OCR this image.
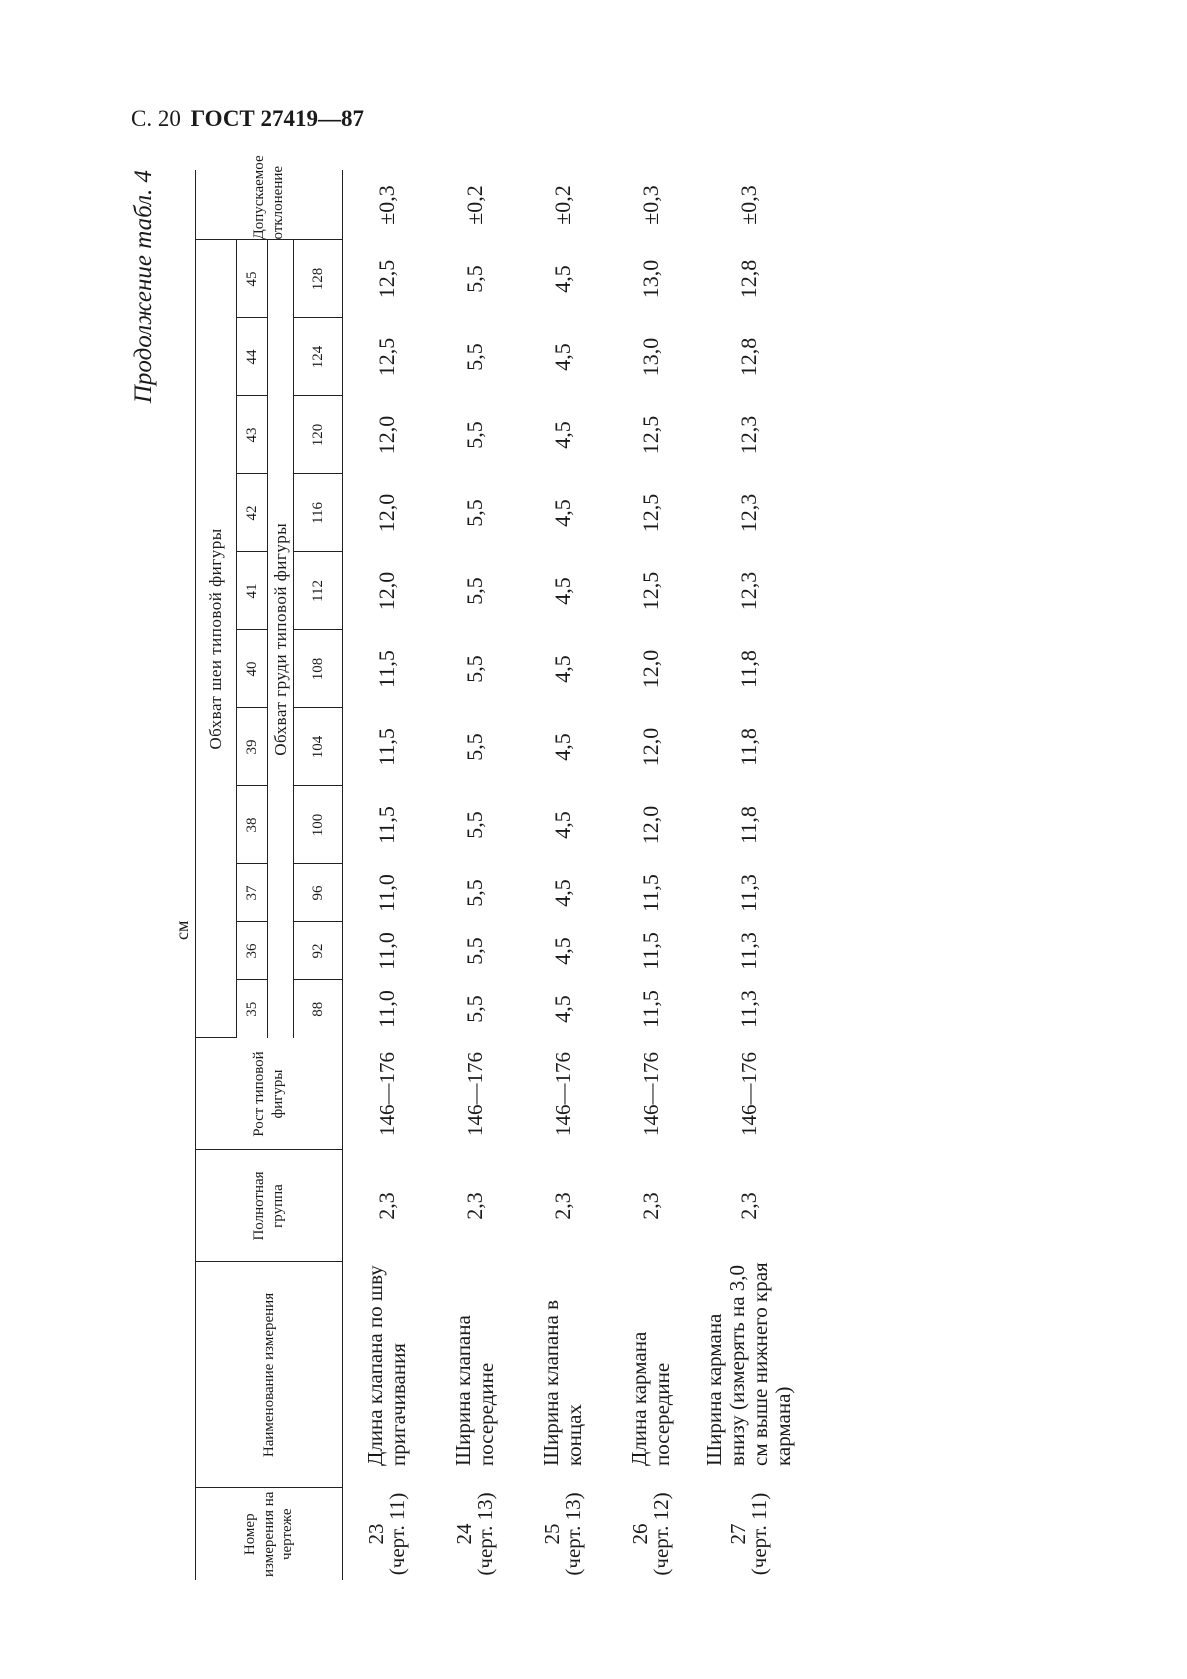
С. 20 ГОСТ 27419—87
Продолжение табл. 4
см
Номер измерения на чертеже	Наименование измерения	Полнотная группа	Рост типовой фигуры	Обхват шеи типовой фигуры											Допускаемое отклонение
				35	36	37	38	39	40	41	42	43	44	45	
				Обхват груди типовой фигуры											
				88	92	96	100	104	108	112	116	120	124	128	
23
(черт. 11)	Длина клапана по шву пригачивания	2,3	146—176	11,0	11,0	11,0	11,5	11,5	11,5	12,0	12,0	12,0	12,5	12,5	±0,3
24
(черт. 13)	Ширина клапана посередине	2,3	146—176	5,5	5,5	5,5	5,5	5,5	5,5	5,5	5,5	5,5	5,5	5,5	±0,2
25
(черт. 13)	Ширина клапана в концах	2,3	146—176	4,5	4,5	4,5	4,5	4,5	4,5	4,5	4,5	4,5	4,5	4,5	±0,2
26
(черт. 12)	Длина кармана посередине	2,3	146—176	11,5	11,5	11,5	12,0	12,0	12,0	12,5	12,5	12,5	13,0	13,0	±0,3
27
(черт. 11)	Ширина кармана внизу (измерять на 3,0 см выше нижнего края кармана)	2,3	146—176	11,3	11,3	11,3	11,8	11,8	11,8	12,3	12,3	12,3	12,8	12,8	±0,3
